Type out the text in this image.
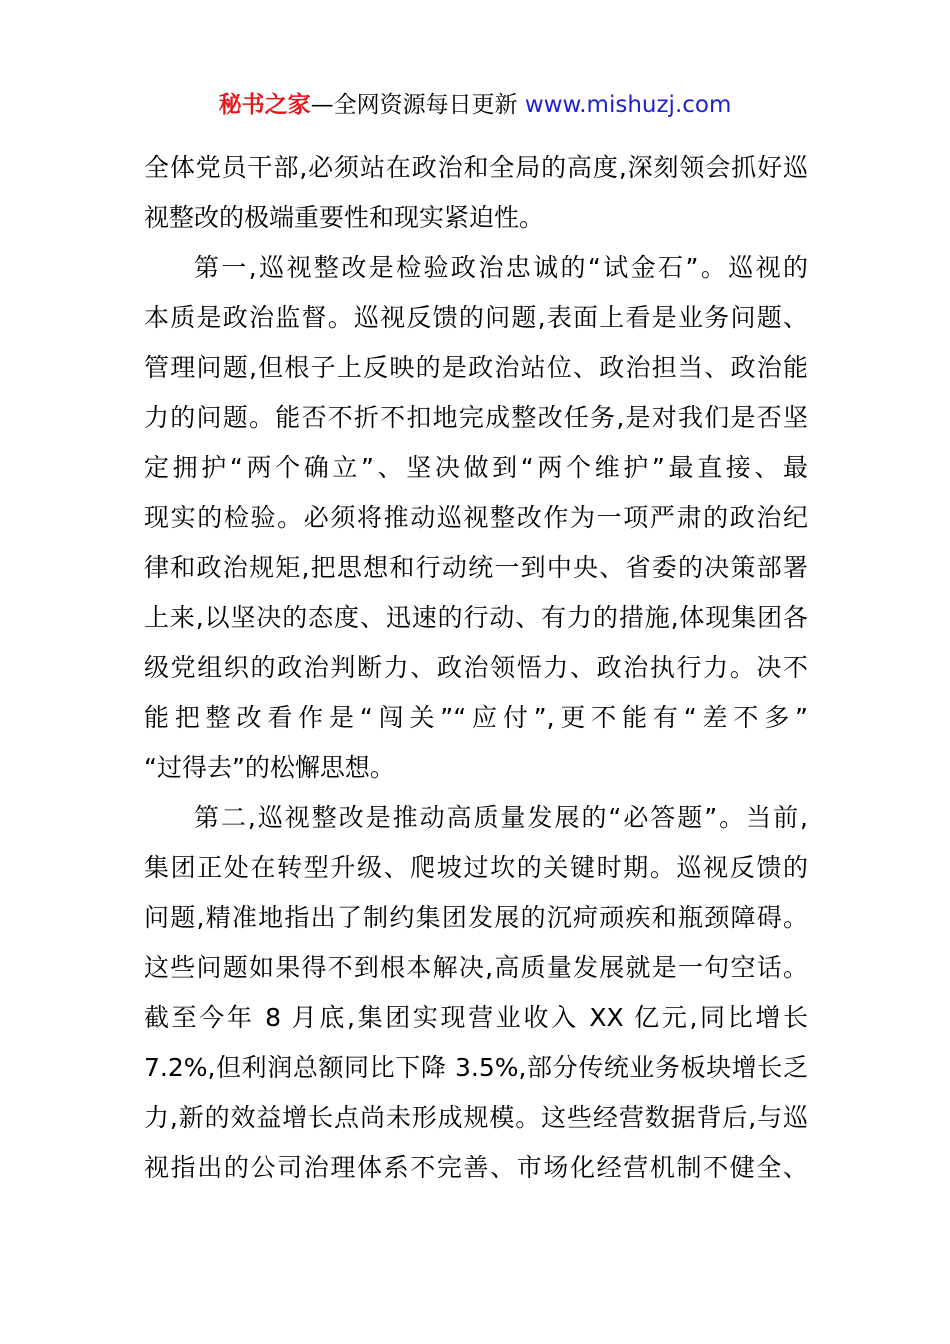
秘书之家—全网资源每日更新 www.mishuzj.com
全体党员干部,必须站在政治和全局的高度,深刻领会抓好巡
视整改的极端重要性和现实紧迫性。
第一,巡视整改是检验政治忠诚的“试金石”。巡视的
本质是政治监督。巡视反馈的问题,表面上看是业务问题、
管理问题,但根子上反映的是政治站位、政治担当、政治能
力的问题。能否不折不扣地完成整改任务,是对我们是否坚
定拥护“两个确立”、坚决做到“两个维护”最直接、最
现实的检验。必须将推动巡视整改作为一项严肃的政治纪
律和政治规矩,把思想和行动统一到中央、省委的决策部署
上来,以坚决的态度、迅速的行动、有力的措施,体现集团各
级党组织的政治判断力、政治领悟力、政治执行力。决不
能把整改看作是“闯关”“应付”,更不能有“差不多”
“过得去”的松懈思想。
第二,巡视整改是推动高质量发展的“必答题”。当前,
集团正处在转型升级、爬坡过坎的关键时期。巡视反馈的
问题,精准地指出了制约集团发展的沉疴顽疾和瓶颈障碍。
这些问题如果得不到根本解决,高质量发展就是一句空话。
截至今年 8 月底,集团实现营业收入 XX 亿元,同比增长
7.2%,但利润总额同比下降 3.5%,部分传统业务板块增长乏
力,新的效益增长点尚未形成规模。这些经营数据背后,与巡
视指出的公司治理体系不完善、市场化经营机制不健全、
